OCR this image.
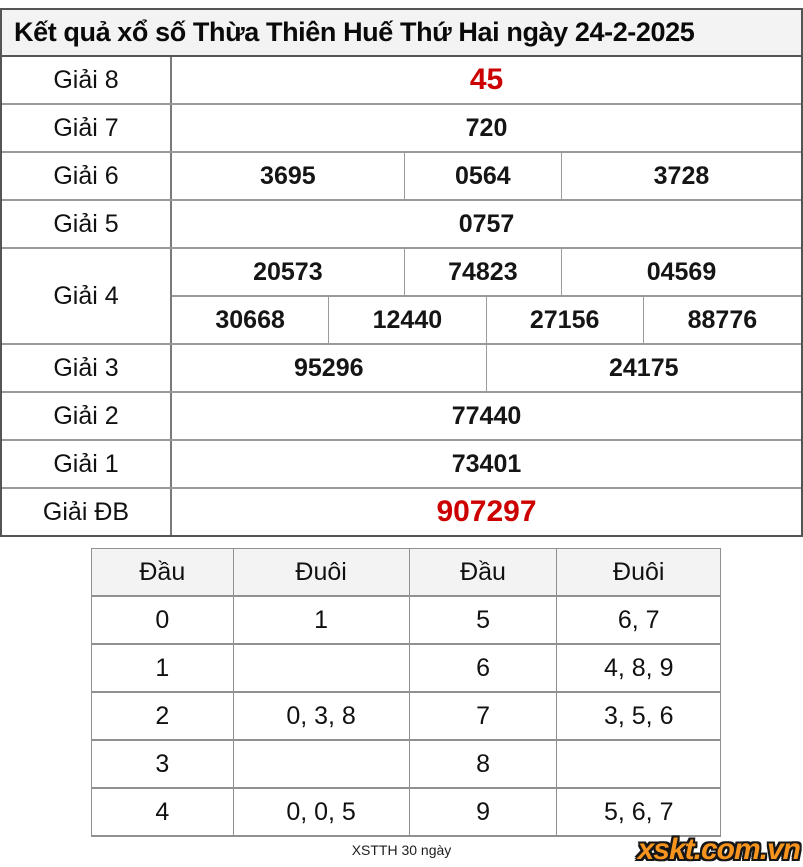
Kết quả xổ số Thừa Thiên Huế Thứ Hai ngày 24-2-2025
Giải 8	45
Giải 7	720
Giải 6	3695	0564	3728
Giải 5	0757
Giải 4
20573	74823	04569
30668	12440	27156	88776
Giải 3	95296	24175
Giải 2	77440
Giải 1	73401
Giải ĐB	907297
Đầu	Đuôi	Đầu	Đuôi
0	1	5	6, 7
1		6	4, 8, 9
2	0, 3, 8	7	3, 5, 6
3		8	
4	0, 0, 5	9	5, 6, 7
XSTTH 30 ngày	xskt.com.vn
